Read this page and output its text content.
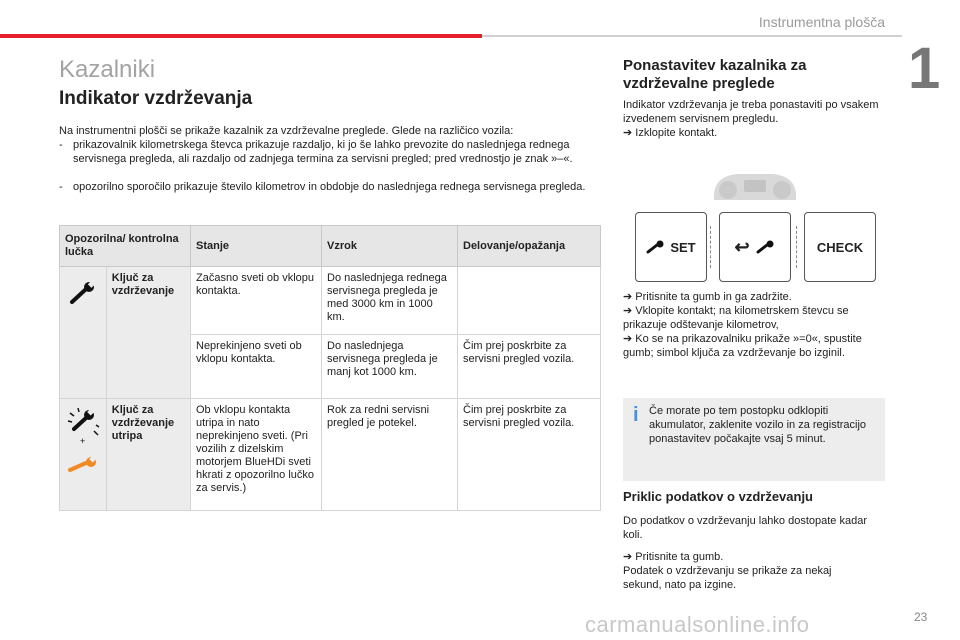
Instrumentna plošča
1
Kazalniki
Indikator vzdrževanja
Na instrumentni plošči se prikaže kazalnik za vzdrževalne preglede. Glede na različico vozila:
- prikazovalnik kilometrskega števca prikazuje razdaljo, ki jo še lahko prevozite do naslednjega rednega servisnega pregleda, ali razdaljo od zadnjega termina za servisni pregled; pred vrednostjo je znak »–«.
- opozorilno sporočilo prikazuje število kilometrov in obdobje do naslednjega rednega servisnega pregleda.
Opozorilna/ kontrolna lučka		Stanje	Vzrok	Delovanje/opažanja
	Ključ za vzdrževanje	Začasno sveti ob vklopu kontakta.	Do naslednjega rednega servisnega pregleda je med 3000 km in 1000 km.	
		Neprekinjeno sveti ob vklopu kontakta.	Do naslednjega servisnega pregleda je manj kot 1000 km.	Čim prej poskrbite za servisni pregled vozila.

+	Ključ za vzdrževanje utripa	Ob vklopu kontakta utripa in nato neprekinjeno sveti. (Pri vozilih z dizelskim motorjem BlueHDi sveti hkrati z opozorilno lučko za servis.)	Rok za redni servisni pregled je potekel.	Čim prej poskrbite za servisni pregled vozila.
Ponastavitev kazalnika za vzdrževalne preglede
Indikator vzdrževanja je treba ponastaviti po vsakem izvedenem servisnem pregledu.
➔ Izklopite kontakt.
SET ↩	CHECK
➔ Pritisnite ta gumb in ga zadržite.
➔ Vklopite kontakt; na kilometrskem števcu se prikazuje odštevanje kilometrov,
➔ Ko se na prikazovalniku prikaže »=0«, spustite gumb; simbol ključa za vzdrževanje bo izginil.
i Če morate po tem postopku odklopiti akumulator, zaklenite vozilo in za registracijo ponastavitev počakajte vsaj 5 minut.
Priklic podatkov o vzdrževanju
Do podatkov o vzdrževanju lahko dostopate kadar koli.
➔ Pritisnite ta gumb.
Podatek o vzdrževanju se prikaže za nekaj sekund, nato pa izgine.
carmanualsonline.info	23
